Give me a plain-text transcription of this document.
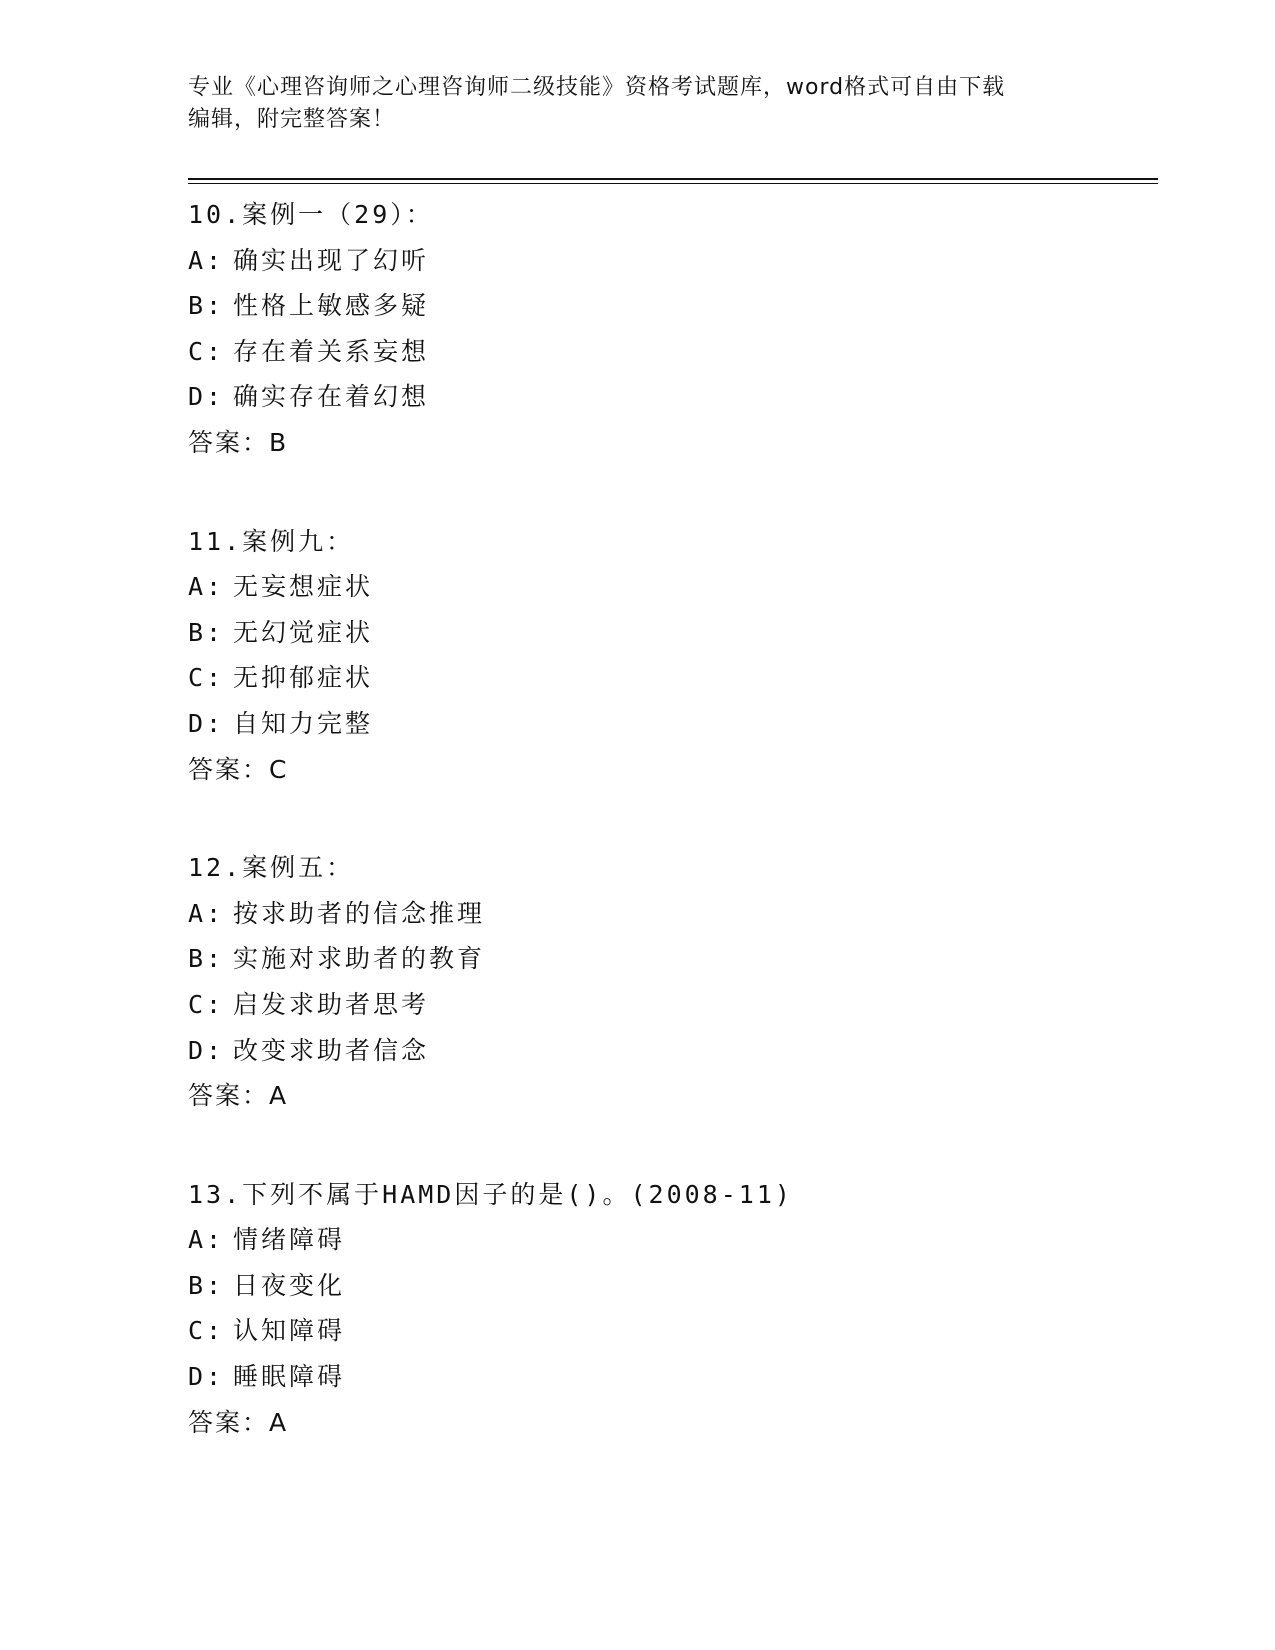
专业《心理咨询师之心理咨询师二级技能》资格考试题库，word格式可自由下载
编辑，附完整答案！
10.案例一（29）：
A: 确实出现了幻听
B: 性格上敏感多疑
C: 存在着关系妄想
D: 确实存在着幻想
答案：B
11.案例九：
A: 无妄想症状
B: 无幻觉症状
C: 无抑郁症状
D: 自知力完整
答案：C
12.案例五：
A: 按求助者的信念推理
B: 实施对求助者的教育
C: 启发求助者思考
D: 改变求助者信念
答案：A
13.下列不属于HAMD因子的是()。(2008-11)
A: 情绪障碍
B: 日夜变化
C: 认知障碍
D: 睡眠障碍
答案：A
